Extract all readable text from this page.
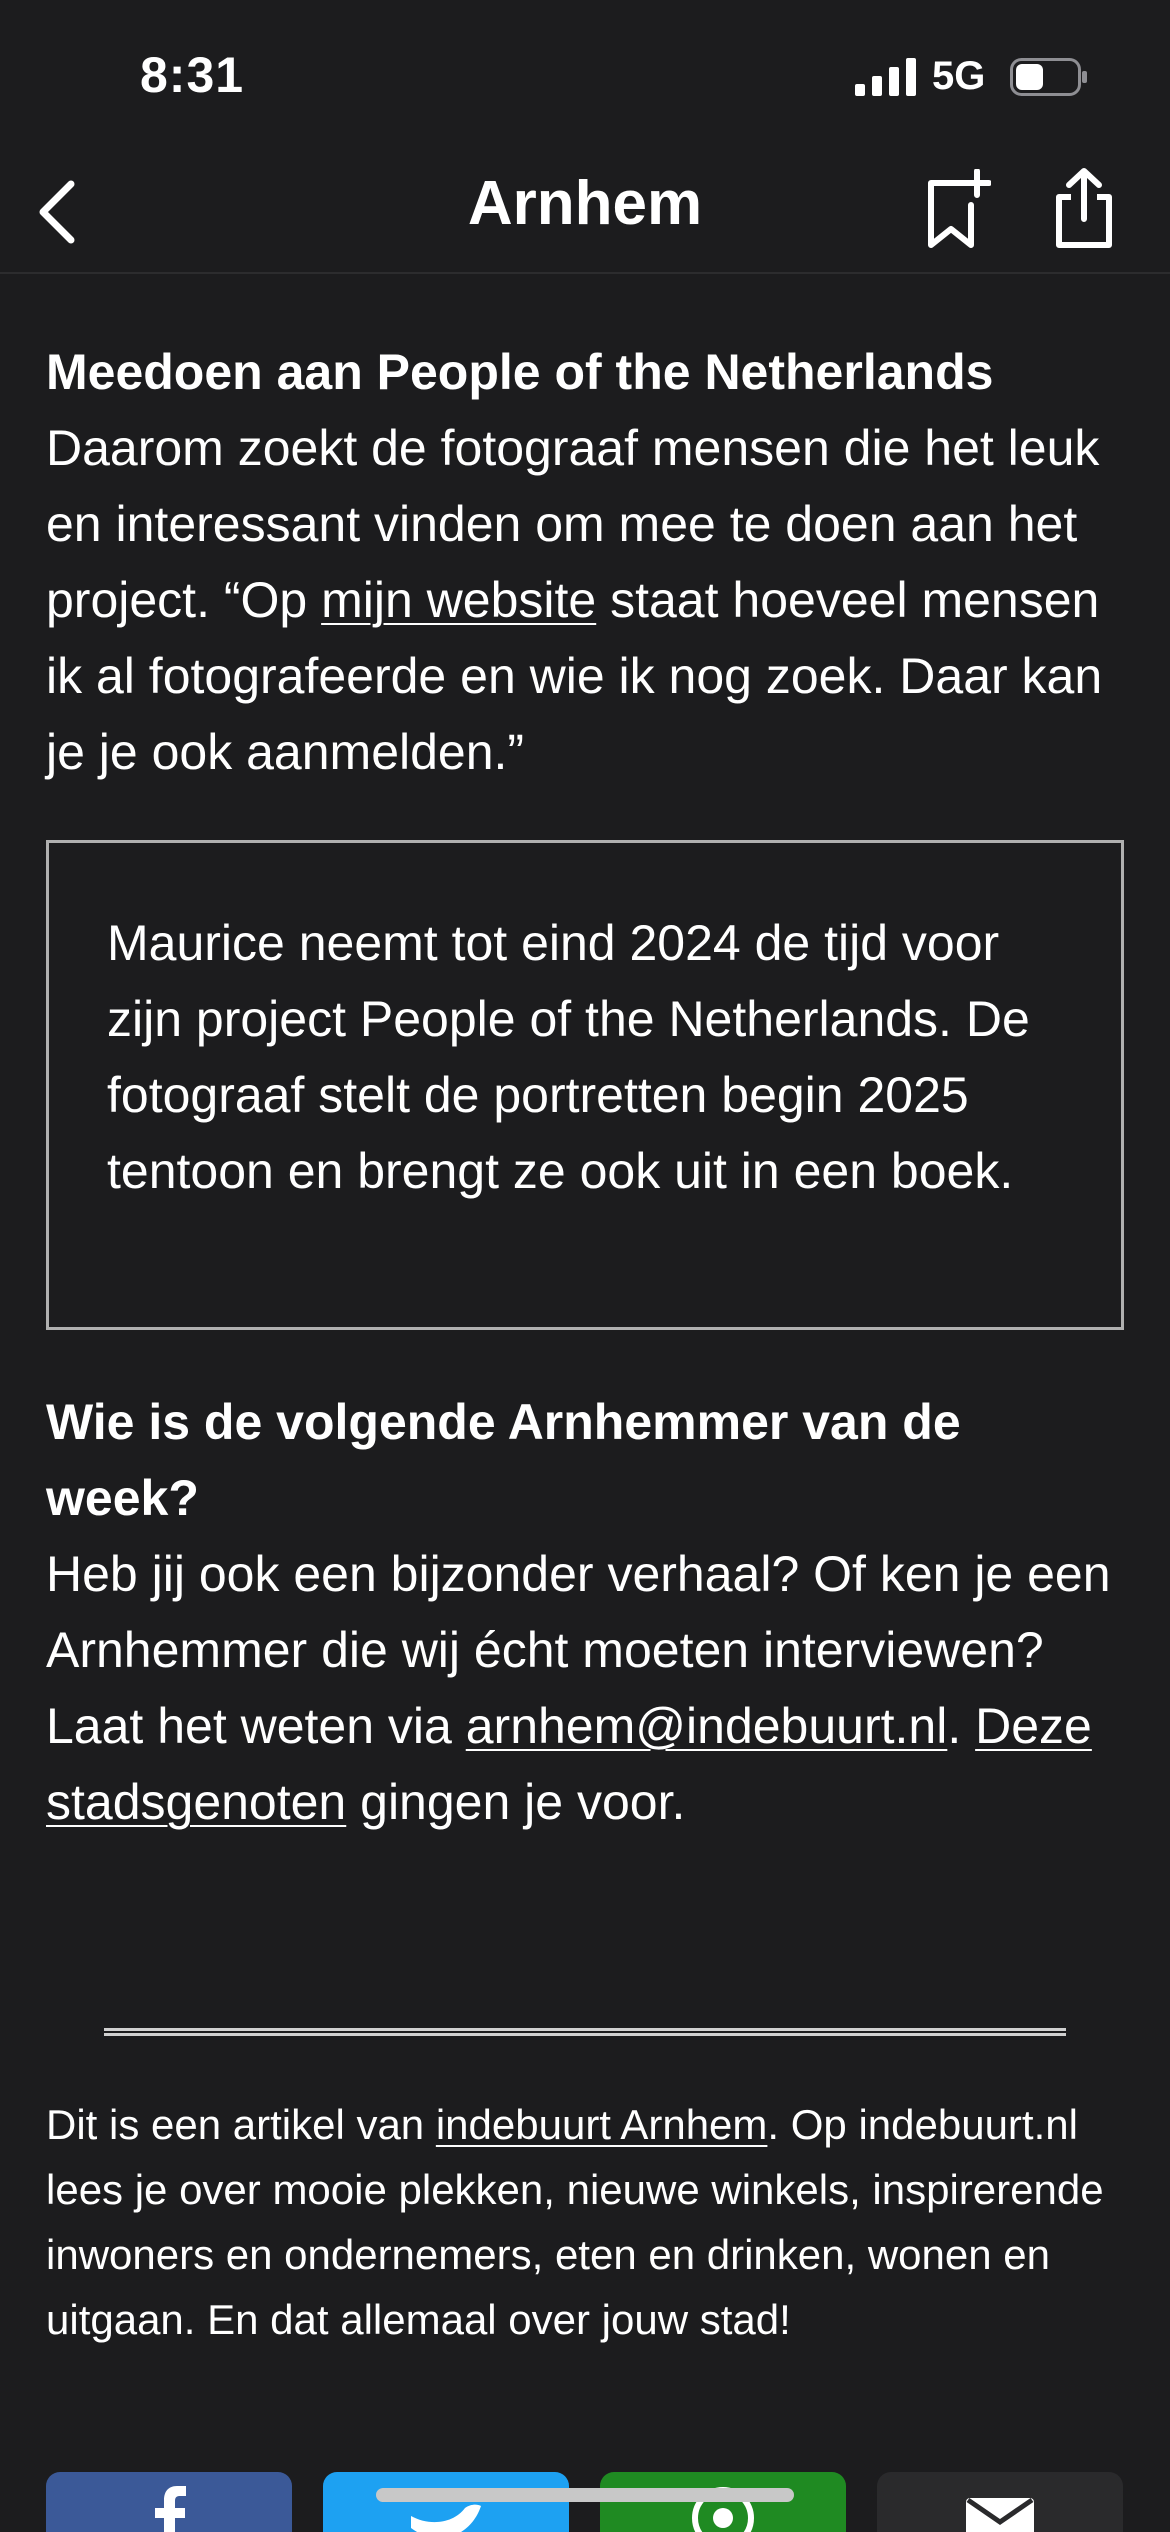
8:31	5G
Arnhem
Meedoen aan People of the Netherlands
Daarom zoekt de fotograaf mensen die het leuk en interessant vinden om mee te doen aan het project. “Op mijn website staat hoeveel mensen ik al fotografeerde en wie ik nog zoek. Daar kan je je ook aanmelden.”
Maurice neemt tot eind 2024 de tijd voor zijn project People of the Netherlands. De fotograaf stelt de portretten begin 2025 tentoon en brengt ze ook uit in een boek.
Wie is de volgende Arnhemmer van de week?
Heb jij ook een bijzonder verhaal? Of ken je een Arnhemmer die wij écht moeten interviewen? Laat het weten via arnhem@indebuurt.nl. Deze stadsgenoten gingen je voor.
Dit is een artikel van indebuurt Arnhem. Op indebuurt.nl lees je over mooie plekken, nieuwe winkels, inspirerende inwoners en ondernemers, eten en drinken, wonen en uitgaan. En dat allemaal over jouw stad!
